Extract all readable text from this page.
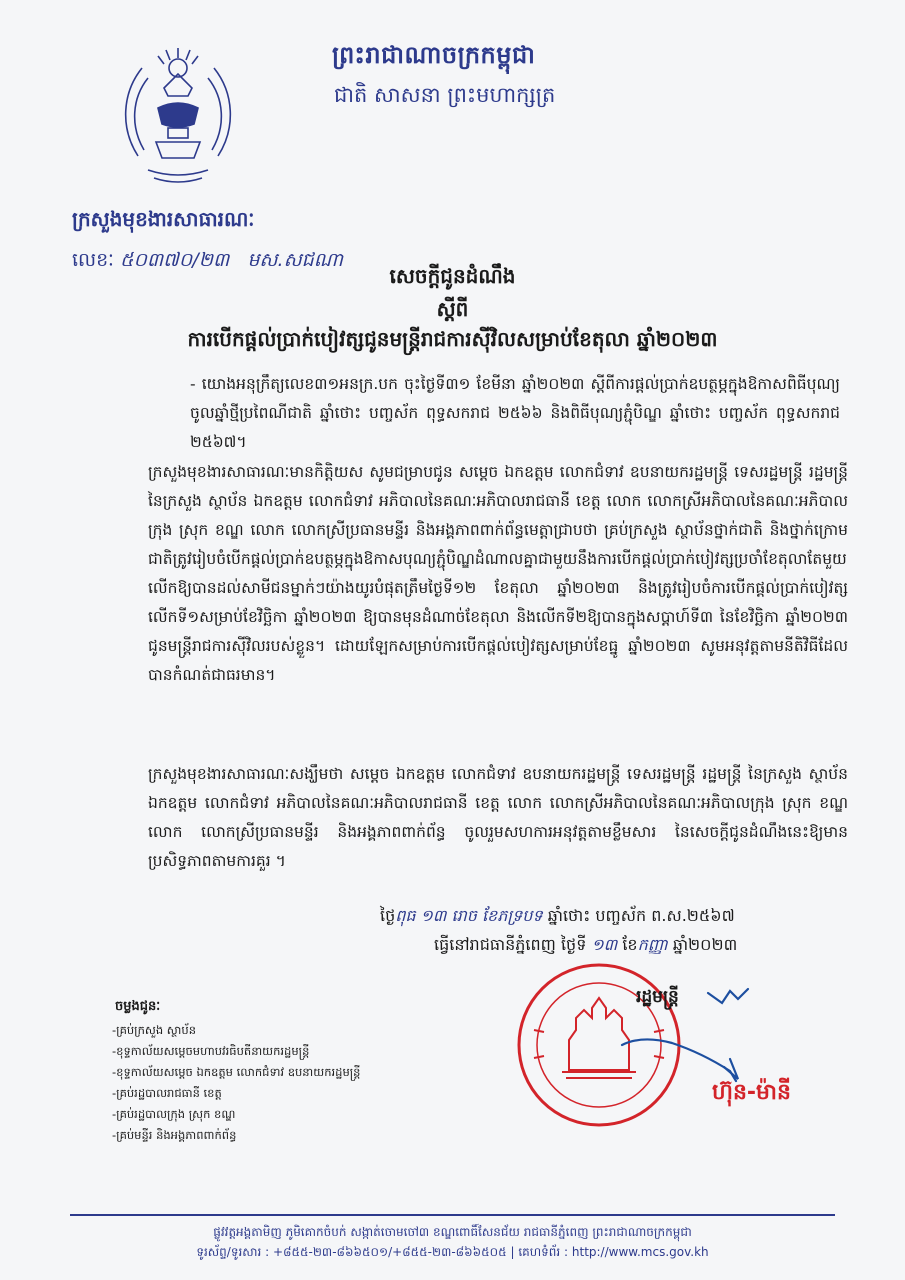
ព្រះរាជាណាចក្រកម្ពុជា
ជាតិ សាសនា ព្រះមហាក្សត្រ
ក្រសួងមុខងារសាធារណៈ
លេខៈ ៥០៣៧០/២៣ មស.សជណា
សេចក្តីជូនដំណឹង
ស្តីពី
ការបើកផ្តល់ប្រាក់បៀវត្សជូនមន្ត្រីរាជការស៊ីវិលសម្រាប់ខែតុលា ឆ្នាំ២០២៣
- យោងអនុក្រឹត្យលេខ៣១អនក្រ.បក ចុះថ្ងៃទី៣១ ខែមីនា ឆ្នាំ២០២៣ ស្តីពីការផ្តល់ប្រាក់ឧបត្ថម្ភក្នុងឱកាសពិធីបុណ្យចូលឆ្នាំថ្មីប្រពៃណីជាតិ ឆ្នាំថោះ បញ្ចស័ក ពុទ្ធសករាជ ២៥៦៦ និងពិធីបុណ្យភ្ជុំបិណ្ឌ ឆ្នាំថោះ បញ្ចស័ក ពុទ្ធសករាជ ២៥៦៧។
ក្រសួងមុខងារសាធារណៈមានកិត្តិយស សូមជម្រាបជូន សម្តេច ឯកឧត្តម លោកជំទាវ ឧបនាយករដ្ឋមន្ត្រី ទេសរដ្ឋមន្ត្រី រដ្ឋមន្ត្រី នៃក្រសួង ស្ថាប័ន ឯកឧត្តម លោកជំទាវ អភិបាលនៃគណៈអភិបាលរាជធានី ខេត្ត លោក លោកស្រីអភិបាលនៃគណៈអភិបាលក្រុង ស្រុក ខណ្ឌ លោក លោកស្រីប្រធានមន្ទីរ និងអង្គភាពពាក់ព័ន្ធមេត្តាជ្រាបថា គ្រប់ក្រសួង ស្ថាប័នថ្នាក់ជាតិ និងថ្នាក់ក្រោមជាតិត្រូវរៀបចំបើកផ្តល់ប្រាក់ឧបត្ថម្ភក្នុងឱកាសបុណ្យភ្ជុំបិណ្ឌដំណាលគ្នាជាមួយនឹងការបើកផ្តល់ប្រាក់បៀវត្សប្រចាំខែតុលាតែមួយលើកឱ្យបានដល់សាមីជនម្នាក់ៗយ៉ាងយូរបំផុតត្រឹមថ្ងៃទី១២ ខែតុលា ឆ្នាំ២០២៣ និងត្រូវរៀបចំការបើកផ្តល់ប្រាក់បៀវត្សលើកទី១សម្រាប់ខែវិច្ឆិកា ឆ្នាំ២០២៣ ឱ្យបានមុនដំណាច់ខែតុលា និងលើកទី២ឱ្យបានក្នុងសប្តាហ៍ទី៣ នៃខែវិច្ឆិកា ឆ្នាំ២០២៣ ជូនមន្ត្រីរាជការស៊ីវិលរបស់ខ្លួន។ ដោយឡែកសម្រាប់ការបើកផ្តល់បៀវត្សសម្រាប់ខែធ្នូ ឆ្នាំ២០២៣ សូមអនុវត្តតាមនីតិវិធីដែលបានកំណត់ជាធរមាន។
ក្រសួងមុខងារសាធារណៈសង្ឃឹមថា សម្តេច ឯកឧត្តម លោកជំទាវ ឧបនាយករដ្ឋមន្ត្រី ទេសរដ្ឋមន្ត្រី រដ្ឋមន្ត្រី នៃក្រសួង ស្ថាប័ន ឯកឧត្តម លោកជំទាវ អភិបាលនៃគណៈអភិបាលរាជធានី ខេត្ត លោក លោកស្រីអភិបាលនៃគណៈអភិបាលក្រុង ស្រុក ខណ្ឌ លោក លោកស្រីប្រធានមន្ទីរ និងអង្គភាពពាក់ព័ន្ធ ចូលរួមសហការអនុវត្តតាមខ្លឹមសារ នៃសេចក្តីជូនដំណឹងនេះឱ្យមានប្រសិទ្ធភាពតាមការគួរ ។
ថ្ងៃពុធ ១៣ រោច ខែភទ្របទ ឆ្នាំថោះ បញ្ចស័ក ព.ស.២៥៦៧
ធ្វើនៅរាជធានីភ្នំពេញ ថ្ងៃទី ១៣ ខែកញ្ញា ឆ្នាំ២០២៣
ចម្លងជូនៈ
-គ្រប់ក្រសួង ស្ថាប័ន
-ខុទ្ទកាល័យសម្តេចមហាបវរធិបតីនាយករដ្ឋមន្ត្រី
-ខុទ្ទកាល័យសម្តេច ឯកឧត្តម លោកជំទាវ ឧបនាយករដ្ឋមន្ត្រី
-គ្រប់រដ្ឋបាលរាជធានី ខេត្ត
-គ្រប់រដ្ឋបាលក្រុង ស្រុក ខណ្ឌ
-គ្រប់មន្ទីរ និងអង្គភាពពាក់ព័ន្ធ
រដ្ឋមន្ត្រី
ហ៊ុន-ម៉ានី
ផ្លូវវត្តអង្គតាមិញ ភូមិគោកចំបក់ សង្កាត់ចោមចៅ៣ ខណ្ឌពោធិ៍សែនជ័យ រាជធានីភ្នំពេញ ព្រះរាជាណាចក្រកម្ពុជា
ទូរស័ព្ទ/ទូរសារ : +៨៥៥-២៣-៨៦៦៥០១/+៨៥៥-២៣-៨៦៦៥០៥ | គេហទំព័រ : http://www.mcs.gov.kh
